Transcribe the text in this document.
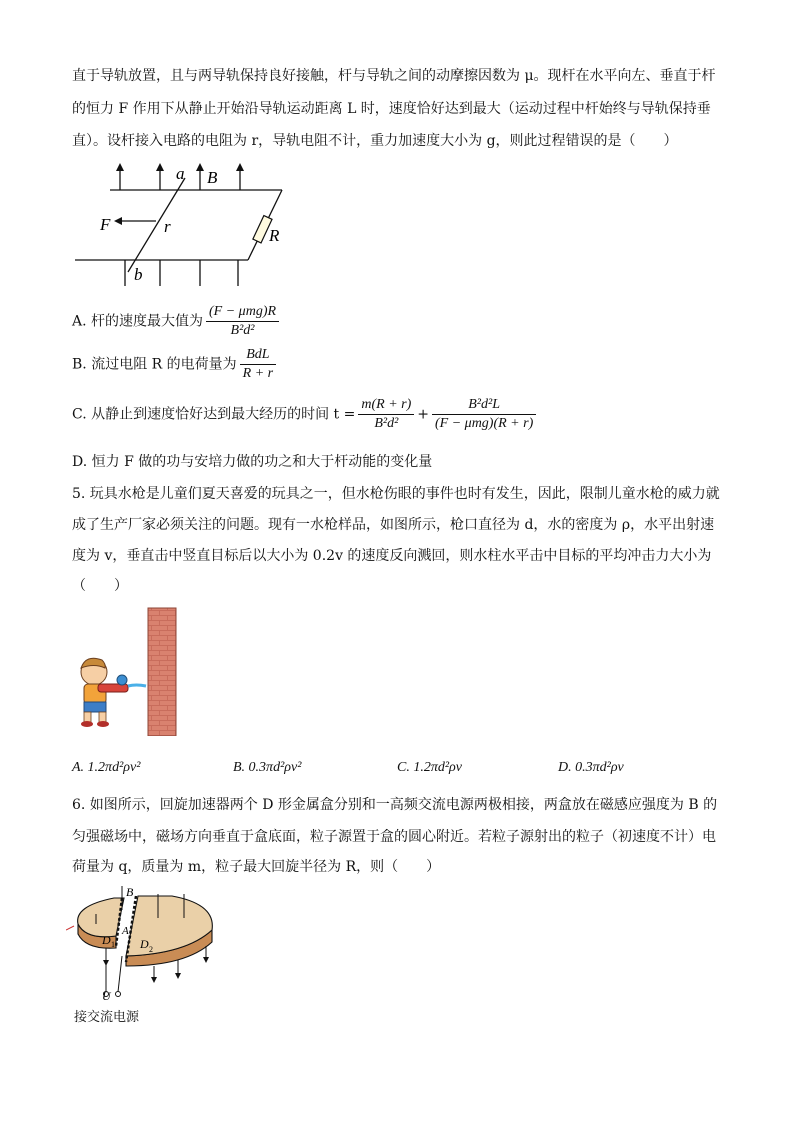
直于导轨放置，且与两导轨保持良好接触，杆与导轨之间的动摩擦因数为 μ。现杆在水平向左、垂直于杆
的恒力 F 作用下从静止开始沿导轨运动距离 L 时，速度恰好达到最大（运动过程中杆始终与导轨保持垂
直）。设杆接入电路的电阻为 r，导轨电阻不计，重力加速度大小为 g，则此过程错误的是（　　）
a B
F	r	R
b
A. 杆的速度最大值为 $\frac{\text{(F − μmg)R}}{\text{B²d²}}$
B. 流过电阻 R 的电荷量为 $\frac{\text{BdL}}{R + r}$
C. 从静止到速度恰好达到最大经历的时间 $t = \frac{m(R + r)}{\text{B²d²}} + \frac{\text{B²d²L}}{\text{(F − μmg)(R + r)}}$
D. 恒力 F 做的功与安培力做的功之和大于杆动能的变化量
5. 玩具水枪是儿童们夏天喜爱的玩具之一，但水枪伤眼的事件也时有发生，因此，限制儿童水枪的威力就
成了生产厂家必须关注的问题。现有一水枪样品，如图所示，枪口直径为 d，水的密度为 ρ，水平出射速
度为 v，垂直击中竖直目标后以大小为 0.2v 的速度反向溅回，则水柱水平击中目标的平均冲击力大小为
（　　）
A. 1.2πd²ρv²	B. 0.3πd²ρv²	C. 1.2πd²ρv	D. 0.3πd²ρv
6. 如图所示，回旋加速器两个 D 形金属盒分别和一高频交流电源两极相接，两盒放在磁感应强度为 B 的
匀强磁场中，磁场方向垂直于盒底面，粒子源置于盒的圆心附近。若粒子源射出的粒子（初速度不计）电
荷量为 q，质量为 m，粒子最大回旋半径为 R，则（　　）
B
D 1 D 2
A
U
接交流电源
